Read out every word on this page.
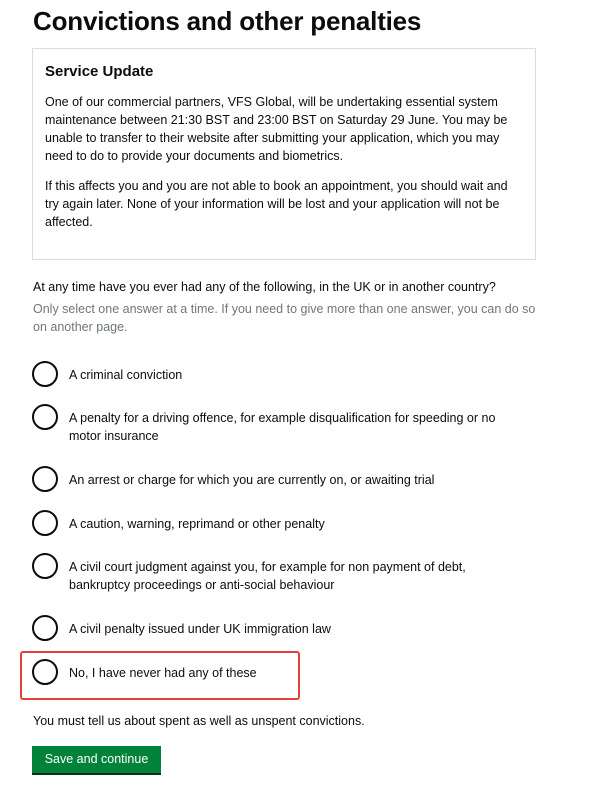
Convictions and other penalties
Service Update

One of our commercial partners, VFS Global, will be undertaking essential system maintenance between 21:30 BST and 23:00 BST on Saturday 29 June. You may be unable to transfer to their website after submitting your application, which you may need to do to provide your documents and biometrics.

If this affects you and you are not able to book an appointment, you should wait and try again later. None of your information will be lost and your application will not be affected.

At any time have you ever had any of the following, in the UK or in another country?

Only select one answer at a time. If you need to give more than one answer, you can do so on another page.

A criminal conviction
A penalty for a driving offence, for example disqualification for speeding or no motor insurance
An arrest or charge for which you are currently on, or awaiting trial
A caution, warning, reprimand or other penalty
A civil court judgment against you, for example for non payment of debt, bankruptcy proceedings or anti-social behaviour
A civil penalty issued under UK immigration law
No, I have never had any of these

You must tell us about spent as well as unspent convictions.

Save and continue
